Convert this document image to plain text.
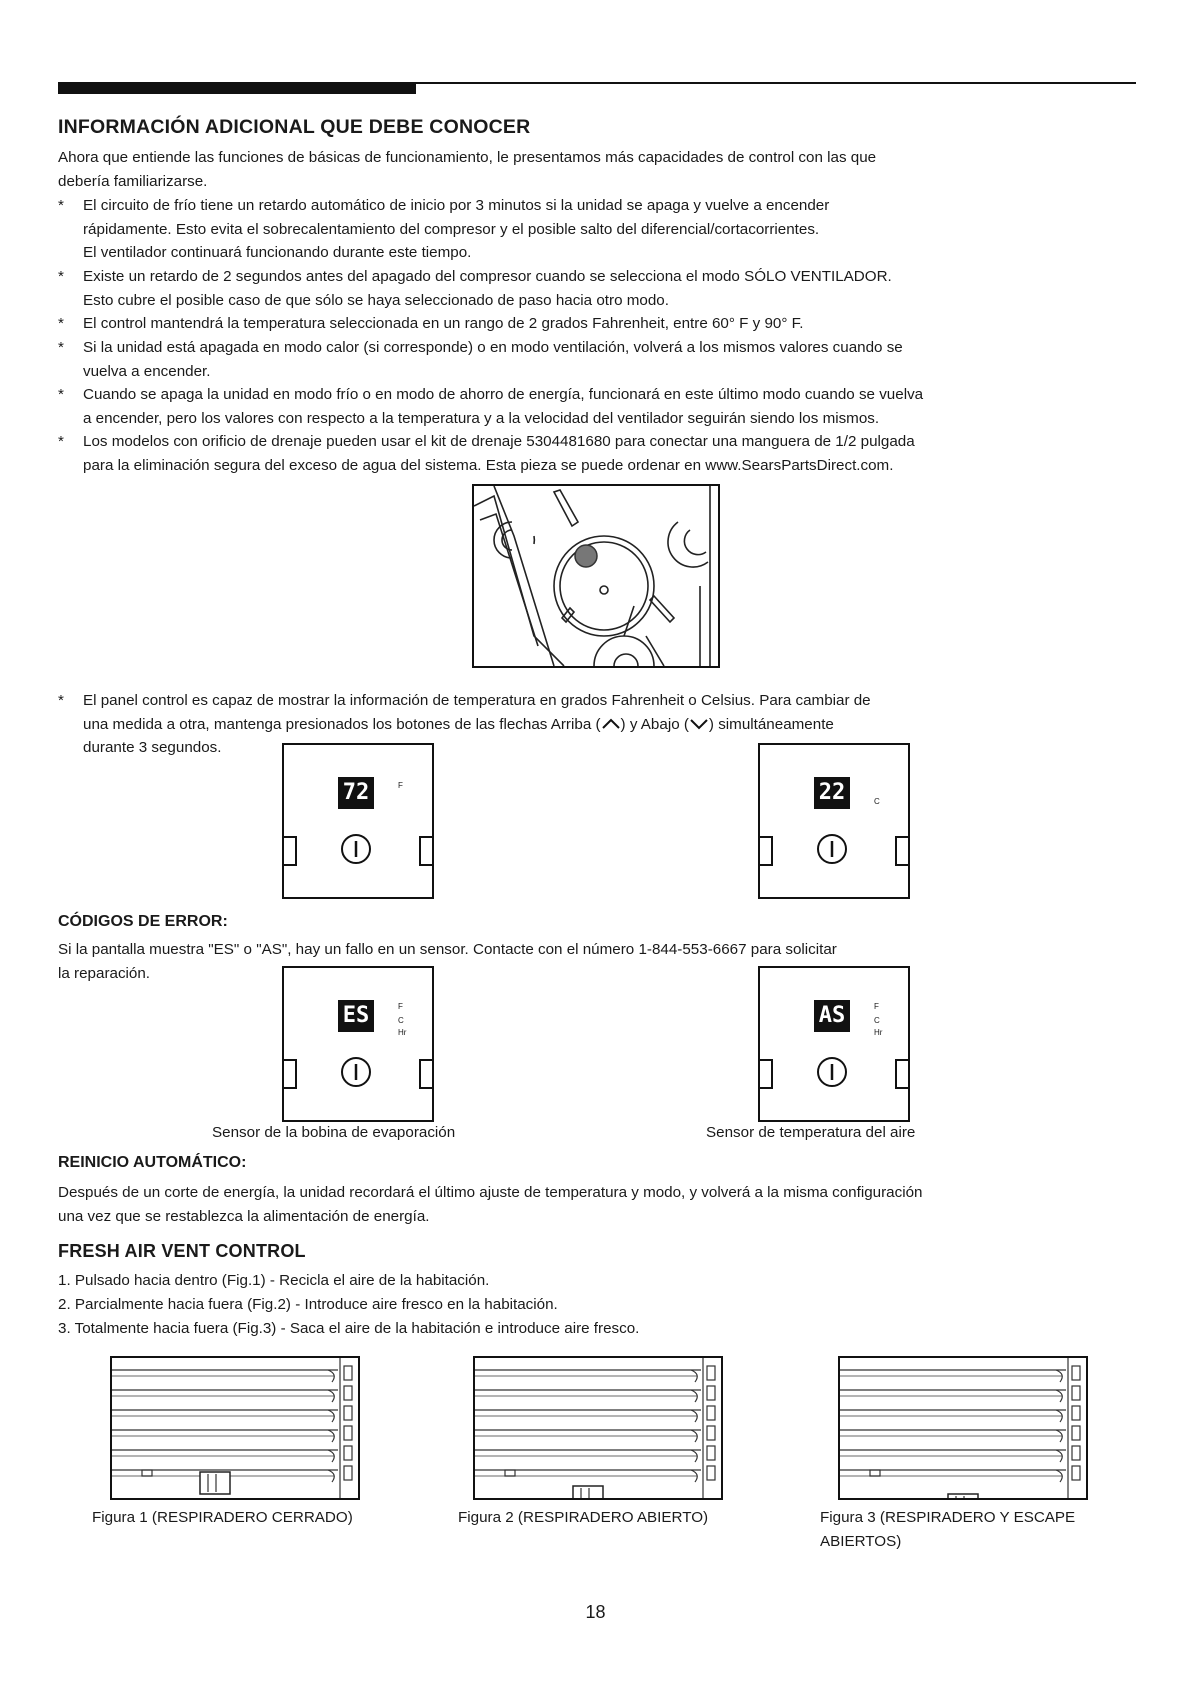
INFORMACIÓN ADICIONAL QUE DEBE CONOCER
Ahora que entiende las funciones de básicas de funcionamiento, le presentamos más capacidades de control con las que
debería familiarizarse.
*	El circuito de frío tiene un retardo automático de inicio por 3 minutos si la unidad se apaga y vuelve a encender
rápidamente. Esto evita el sobrecalentamiento del compresor y el posible salto del diferencial/cortacorrientes.
El ventilador continuará funcionando durante este tiempo.
*	Existe un retardo de 2 segundos antes del apagado del compresor cuando se selecciona el modo SÓLO VENTILADOR.
Esto cubre el posible caso de que sólo se haya seleccionado de paso hacia otro modo.
*	El control mantendrá la temperatura seleccionada en un rango de 2 grados Fahrenheit, entre 60° F y 90° F.
*	Si la unidad está apagada en modo calor (si corresponde) o en modo ventilación, volverá a los mismos valores cuando se
vuelva a encender.
*	Cuando se apaga la unidad en modo frío o en modo de ahorro de energía, funcionará en este último modo cuando se vuelva
a encender, pero los valores con respecto a la temperatura y a la velocidad del ventilador seguirán siendo los mismos.
*	Los modelos con orificio de drenaje pueden usar el kit de drenaje 5304481680 para conectar una manguera de 1/2 pulgada
para la eliminación segura del exceso de agua del sistema. Esta pieza se puede ordenar en www.SearsPartsDirect.com.
*	El panel control es capaz de mostrar la información de temperatura en grados Fahrenheit o Celsius. Para cambiar de
una medida a otra, mantenga presionados los botones de las flechas Arriba ( ) y Abajo ( ) simultáneamente
durante 3 segundos.
72	F	22	C
CÓDIGOS DE ERROR:
Si la pantalla muestra "ES" o "AS", hay un fallo en un sensor. Contacte con el número 1-844-553-6667 para solicitar
la reparación.
ES	F
C
Hr
AS	F
C
Hr
Sensor de la bobina de evaporación	Sensor de temperatura del aire
REINICIO AUTOMÁTICO:
Después de un corte de energía, la unidad recordará el último ajuste de temperatura y modo, y volverá a la misma configuración
una vez que se restablezca la alimentación de energía.
FRESH AIR VENT CONTROL
1. Pulsado hacia dentro (Fig.1) - Recicla el aire de la habitación.
2. Parcialmente hacia fuera (Fig.2) - Introduce aire fresco en la habitación.
3. Totalmente hacia fuera (Fig.3) - Saca el aire de la habitación e introduce aire fresco.
18
Figura 1 (RESPIRADERO CERRADO)	Figura 2 (RESPIRADERO ABIERTO)	Figura 3 (RESPIRADERO Y ESCAPE
ABIERTOS)
